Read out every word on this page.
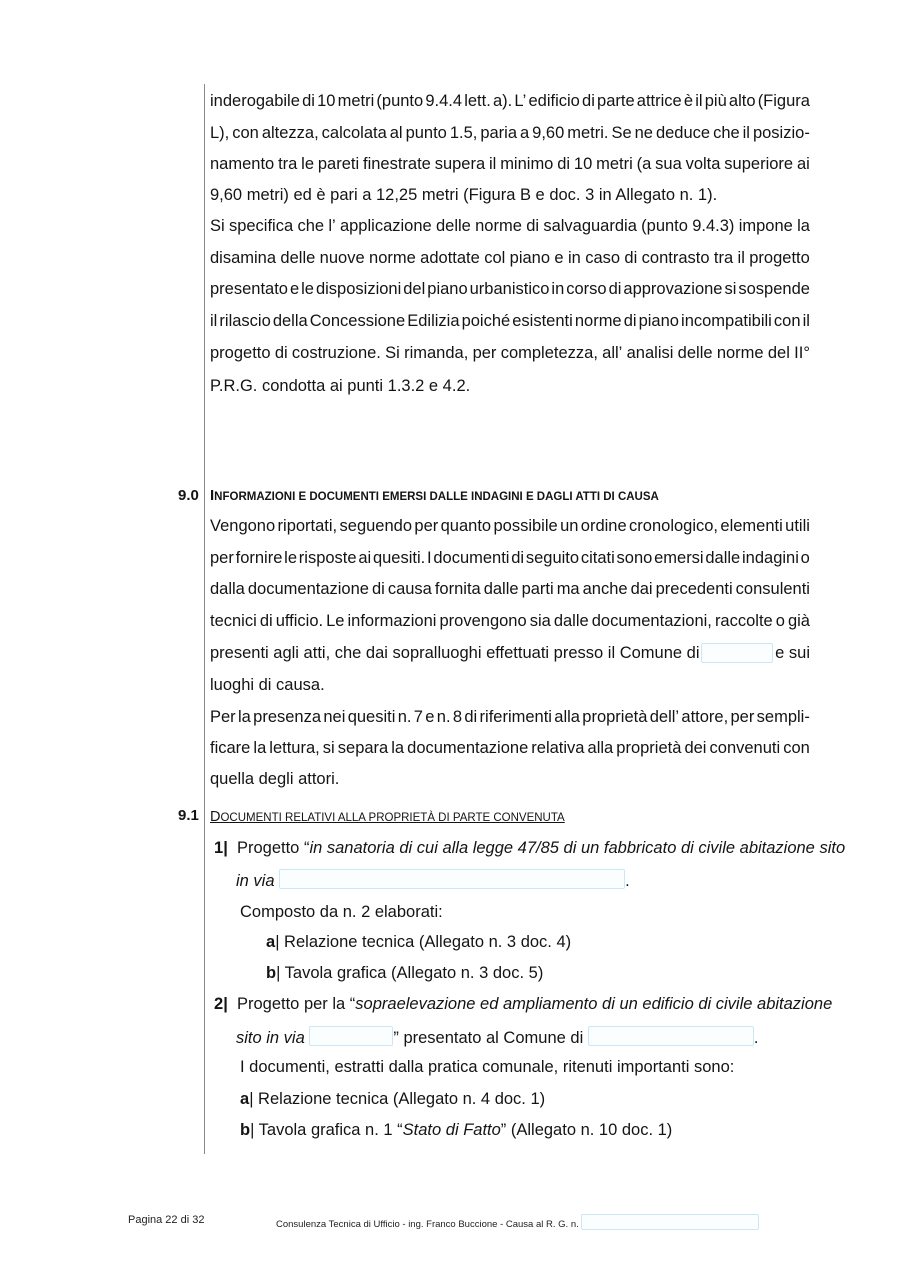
inderogabile di 10 metri (punto 9.4.4 lett. a). L’ edificio di parte attrice è il più alto (Figura
L), con altezza, calcolata al punto 1.5, paria a 9,60 metri. Se ne deduce che il posizio-
namento tra le pareti finestrate supera il minimo di 10 metri (a sua volta superiore ai
9,60 metri) ed è pari a 12,25 metri (Figura B e doc. 3 in Allegato n. 1).
Si specifica che l’ applicazione delle norme di salvaguardia (punto 9.4.3) impone la
disamina delle nuove norme adottate col piano e in caso di contrasto tra il progetto
presentato e le disposizioni del piano urbanistico in corso di approvazione si sospende
il rilascio della Concessione Edilizia poiché esistenti norme di piano incompatibili con il
progetto di costruzione. Si rimanda, per completezza, all’ analisi delle norme del II°
P.R.G. condotta ai punti 1.3.2 e 4.2.
9.0 INFORMAZIONI E DOCUMENTI EMERSI DALLE INDAGINI E DAGLI ATTI DI CAUSA
Vengono riportati, seguendo per quanto possibile un ordine cronologico, elementi utili
per fornire le risposte ai quesiti. I documenti di seguito citati sono emersi dalle indagini o
dalla documentazione di causa fornita dalle parti ma anche dai precedenti consulenti
tecnici di ufficio. Le informazioni provengono sia dalle documentazioni, raccolte o già
presenti agli atti, che dai sopralluoghi effettuati presso il Comune di	e sui
luoghi di causa.
Per la presenza nei quesiti n. 7 e n. 8 di riferimenti alla proprietà dell’ attore, per sempli-
ficare la lettura, si separa la documentazione relativa alla proprietà dei convenuti con
quella degli attori.
9.1 DOCUMENTI RELATIVI ALLA PROPRIETÀ DI PARTE CONVENUTA
1| Progetto “in sanatoria di cui alla legge 47/85 di un fabbricato di civile abitazione sito
in via	.
Composto da n. 2 elaborati:
a| Relazione tecnica (Allegato n. 3 doc. 4)
b| Tavola grafica (Allegato n. 3 doc. 5)
2| Progetto per la “sopraelevazione ed ampliamento di un edificio di civile abitazione
sito in via	” presentato al Comune di	.
I documenti, estratti dalla pratica comunale, ritenuti importanti sono:
a| Relazione tecnica (Allegato n. 4 doc. 1)
b| Tavola grafica n. 1 “Stato di Fatto” (Allegato n. 10 doc. 1)
Pagina 22 di 32	Consulenza Tecnica di Ufficio - ing. Franco Buccione - Causa al R. G. n.
